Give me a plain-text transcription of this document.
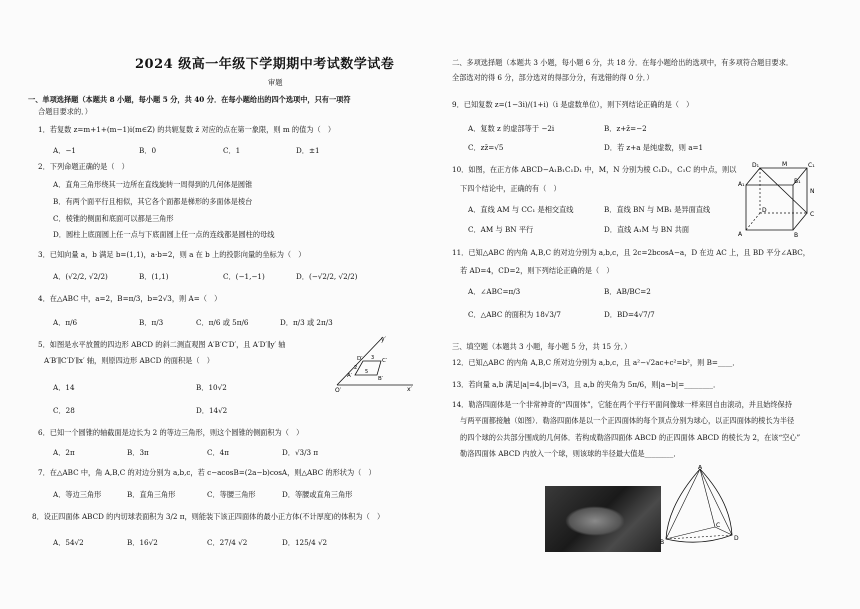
2024 级高一年级下学期期中考试数学试卷
审题
一、单项选择题（本题共 8 小题，每小题 5 分，共 40 分．在每小题给出的四个选项中，只有一项符
合题目要求的．）
1．若复数 z=m+1+(m−1)i(m∈Z) 的共轭复数 z̄ 对应的点在第一象限，则 m 的值为（　）
A．−1	B．0	C．1	D．±1
2．下列命题正确的是（　）
A．直角三角形绕其一边所在直线旋转一周得到的几何体是圆锥
B．有两个面平行且相似，其它各个面都是梯形的多面体是棱台
C．棱锥的侧面和底面可以都是三角形
D．圆柱上底面圆上任一点与下底面圆上任一点的连线都是圆柱的母线
3．已知向量 a，b 满足 b=(1,1)，a·b=2，则 a 在 b 上的投影向量的坐标为（　）
A．(√2/2, √2/2)	B．(1,1)	C．(−1,−1)	D．(−√2/2, √2/2)
4．在△ABC 中，a=2，B=π/3，b=2√3，则 A=（　）
A．π/6	B．π/3	C．π/6 或 5π/6	D．π/3 或 2π/3
5．如图是水平放置的四边形 ABCD 的斜二测直观图 A′B′C′D′，且 A′D′∥y′ 轴
A′B′∥C′D′∥x′ 轴，则原四边形 ABCD 的面积是（　）
A．14	B．10√2
C．28	D．14√2
y′
x′
O′
A′	B′
C′
D′
2
3
5
6．已知一个圆锥的轴截面是边长为 2 的等边三角形，则这个圆锥的侧面积为（　）
A．2π	B．3π	C．4π	D．√3/3 π
7．在△ABC 中，角 A,B,C 的对边分别为 a,b,c，若 c−acosB=(2a−b)cosA，则△ABC 的形状为（　）
A．等边三角形	B．直角三角形	C．等腰三角形	D．等腰或直角三角形
8．设正四面体 ABCD 的内切球表面积为 3/2 π，则能装下该正四面体的最小正方体(不计厚度)的体积为（　）
A．54√2	B．16√2	C．27/4 √2	D．125/4 √2
二、多项选择题（本题共 3 小题，每小题 6 分，共 18 分．在每小题给出的选项中，有多项符合题目要求．
全部选对的得 6 分，部分选对的得部分分，有选错的得 0 分．）
9．已知复数 z=(1−3i)/(1+i)（i 是虚数单位），则下列结论正确的是（　）
A．复数 z 的虚部等于 −2i	B．z+z̄=−2
C．zz̄=√5	D．若 z+a 是纯虚数，则 a=1
10．如图，在正方体 ABCD−A₁B₁C₁D₁ 中，M，N 分别为棱 C₁D₁，C₁C 的中点，则以
下四个结论中，正确的有（　）
A．直线 AM 与 CC₁ 是相交直线	B．直线 BN 与 MB₁ 是异面直线
C．AM 与 BN 平行	D．直线 A₁M 与 BN 共面
D₁	M	C₁
A₁	B₁
N
D
C
A	B
11．已知△ABC 的内角 A,B,C 的对边分别为 a,b,c，且 2c=2bcosA−a，D 在边 AC 上，且 BD 平分∠ABC，
若 AD=4，CD=2，则下列结论正确的是（　）
A．∠ABC=π/3	B．AB/BC=2
C．△ABC 的面积为 18√3/7	D．BD=4√7/7
三、填空题（本题共 3 小题，每小题 5 分，共 15 分．）
12．已知△ABC 的内角 A,B,C 所对边分别为 a,b,c，且 a²−√2ac+c²=b²，则 B=____．
13．若向量 a,b 满足|a|=4,|b|=√3，且 a,b 的夹角为 5π/6，则|a−b|=________．
14．勒洛四面体是一个非常神奇的“四面体”，它能在两个平行平面间像球一样来回自由滚动，并且始终保持
与两平面都接触（如图）．勒洛四面体是以一个正四面体的每个顶点分别为球心，以正四面体的棱长为半径
的四个球的公共部分围成的几何体．若构成勒洛四面体 ABCD 的正四面体 ABCD 的棱长为 2，在该“空心”
勒洛四面体 ABCD 内放入一个球，则该球的半径最大值是________．
A
B
C
D
